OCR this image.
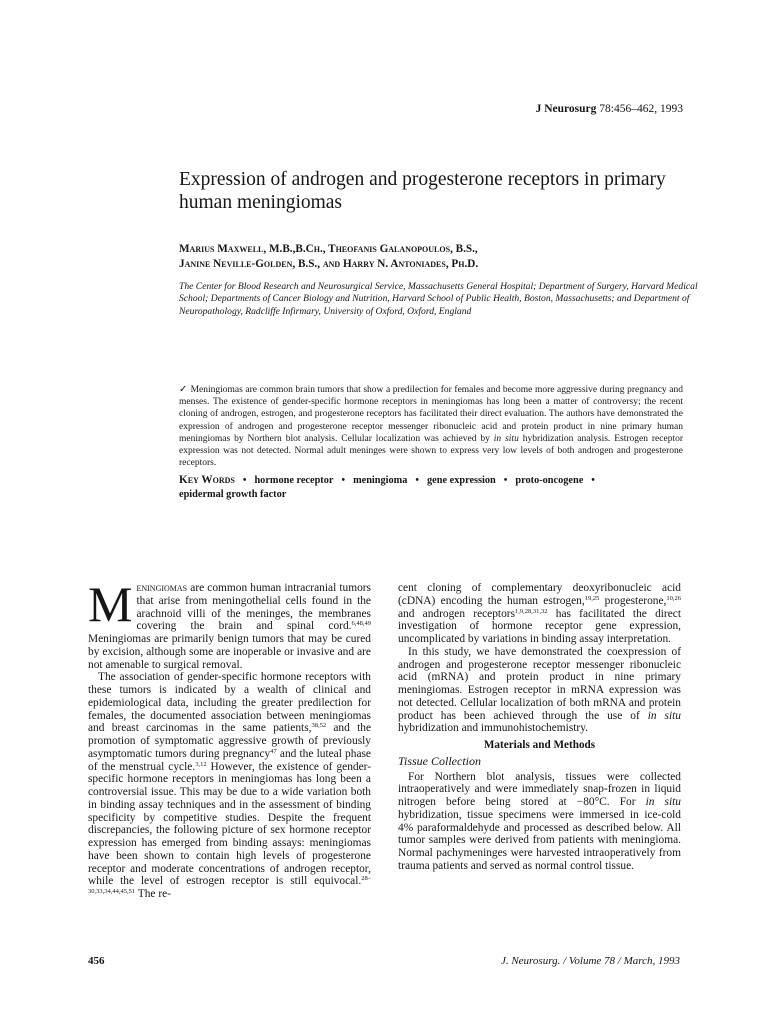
J Neurosurg 78:456–462, 1993
Expression of androgen and progesterone receptors in primary human meningiomas
Marius Maxwell, M.B.,B.Ch., Theofanis Galanopoulos, B.S.,
Janine Neville-Golden, B.S., and Harry N. Antoniades, Ph.D.
The Center for Blood Research and Neurosurgical Service, Massachusetts General Hospital; Department of Surgery, Harvard Medical School; Departments of Cancer Biology and Nutrition, Harvard School of Public Health, Boston, Massachusetts; and Department of Neuropathology, Radcliffe Infirmary, University of Oxford, Oxford, England
✓ Meningiomas are common brain tumors that show a predilection for females and become more aggressive during pregnancy and menses. The existence of gender-specific hormone receptors in meningiomas has long been a matter of controversy; the recent cloning of androgen, estrogen, and progesterone receptors has facilitated their direct evaluation. The authors have demonstrated the expression of androgen and progesterone receptor messenger ribonucleic acid and protein product in nine primary human meningiomas by Northern blot analysis. Cellular localization was achieved by in situ hybridization analysis. Estrogen receptor expression was not detected. Normal adult meninges were shown to express very low levels of both androgen and progesterone receptors.
Key Words • hormone receptor • meningioma • gene expression • proto-oncogene •
epidermal growth factor

Meningiomas are common human intracranial tumors that arise from meningothelial cells found in the arachnoid villi of the meninges, the membranes covering the brain and spinal cord.$^{6,48,49}$ Meningiomas are primarily benign tumors that may be cured by excision, although some are inoperable or invasive and are not amenable to surgical removal.

The association of gender-specific hormone receptors with these tumors is indicated by a wealth of clinical and epidemiological data, including the greater predilection for females, the documented association between meningiomas and breast carcinomas in the same patients,$^{38,52}$ and the promotion of symptomatic aggressive growth of previously asymptomatic tumors during pregnancy$^{47}$ and the luteal phase of the menstrual cycle.$^{3,12}$ However, the existence of gender-specific hormone receptors in meningiomas has long been a controversial issue. This may be due to a wide variation both in binding assay techniques and in the assessment of binding specificity by competitive studies. Despite the frequent discrepancies, the following picture of sex hormone receptor expression has emerged from binding assays: meningiomas have been shown to contain high levels of progesterone receptor and moderate concentrations of androgen receptor, while the level of estrogen receptor is still equivocal.$^{28-30,33,34,44,45,51}$ The re-

cent cloning of complementary deoxyribonucleic acid (cDNA) encoding the human estrogen,$^{19,25}$ progesterone,$^{10,26}$ and androgen receptors$^{1,9,28,31,32}$ has facilitated the direct investigation of hormone receptor gene expression, uncomplicated by variations in binding assay interpretation.

In this study, we have demonstrated the coexpression of androgen and progesterone receptor messenger ribonucleic acid (mRNA) and protein product in nine primary meningiomas. Estrogen receptor in mRNA expression was not detected. Cellular localization of both mRNA and protein product has been achieved through the use of in situ hybridization and immunohistochemistry.

Materials and Methods
Tissue Collection

For Northern blot analysis, tissues were collected intraoperatively and were immediately snap-frozen in liquid nitrogen before being stored at −80°C. For in situ hybridization, tissue specimens were immersed in ice-cold 4% paraformaldehyde and processed as described below. All tumor samples were derived from patients with meningioma. Normal pachymeninges were harvested intraoperatively from trauma patients and served as normal control tissue.

456	J. Neurosurg. / Volume 78 / March, 1993
